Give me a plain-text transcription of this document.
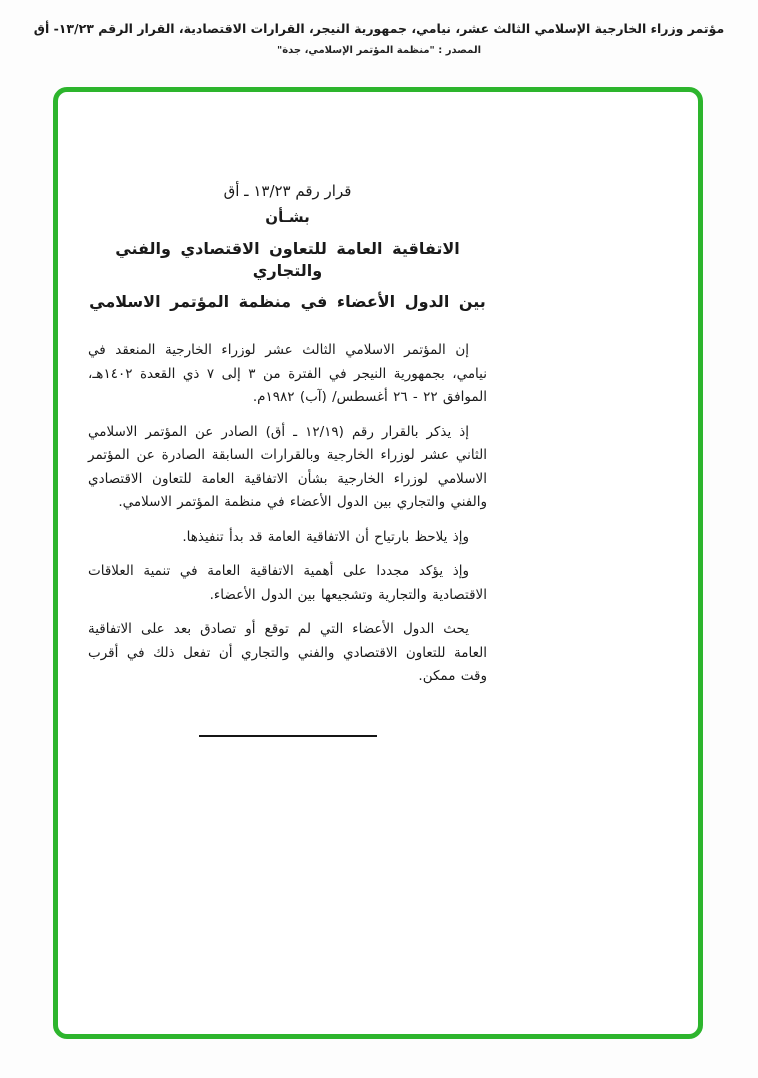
مؤتمر وزراء الخارجية الإسلامي الثالث عشر، نيامي، جمهورية النيجر، القرارات الاقتصادية، القرار الرقم ١٣/٢٣- أق
المصدر : "منظمة المؤتمر الإسلامي، جدة"
قرار رقم ١٣/٢٣ ـ أق
بشـأن
الاتفاقية العامة للتعاون الاقتصادي والفني والتجاري
بين الدول الأعضاء في منظمة المؤتمر الاسلامي

إن المؤتمر الاسلامي الثالث عشر لوزراء الخارجية المنعقد في نيامي، بجمهورية النيجر في الفترة من ٣ إلى ٧ ذي القعدة ١٤٠٢هـ، الموافق ٢٢ - ٢٦ أغسطس/ (آب) ١٩٨٢م.

إذ يذكر بالقرار رقم (١٢/١٩ ـ أق) الصادر عن المؤتمر الاسلامي الثاني عشر لوزراء الخارجية وبالقرارات السابقة الصادرة عن المؤتمر الاسلامي لوزراء الخارجية بشأن الاتفاقية العامة للتعاون الاقتصادي والفني والتجاري بين الدول الأعضاء في منظمة المؤتمر الاسلامي.

وإذ يلاحظ بارتياح أن الاتفاقية العامة قد بدأ تنفيذها.

وإذ يؤكد مجددا على أهمية الاتفاقية العامة في تنمية العلاقات الاقتصادية والتجارية وتشجيعها بين الدول الأعضاء.

يحث الدول الأعضاء التي لم توقع أو تصادق بعد على الاتفاقية العامة للتعاون الاقتصادي والفني والتجاري أن تفعل ذلك في أقرب وقت ممكن.
